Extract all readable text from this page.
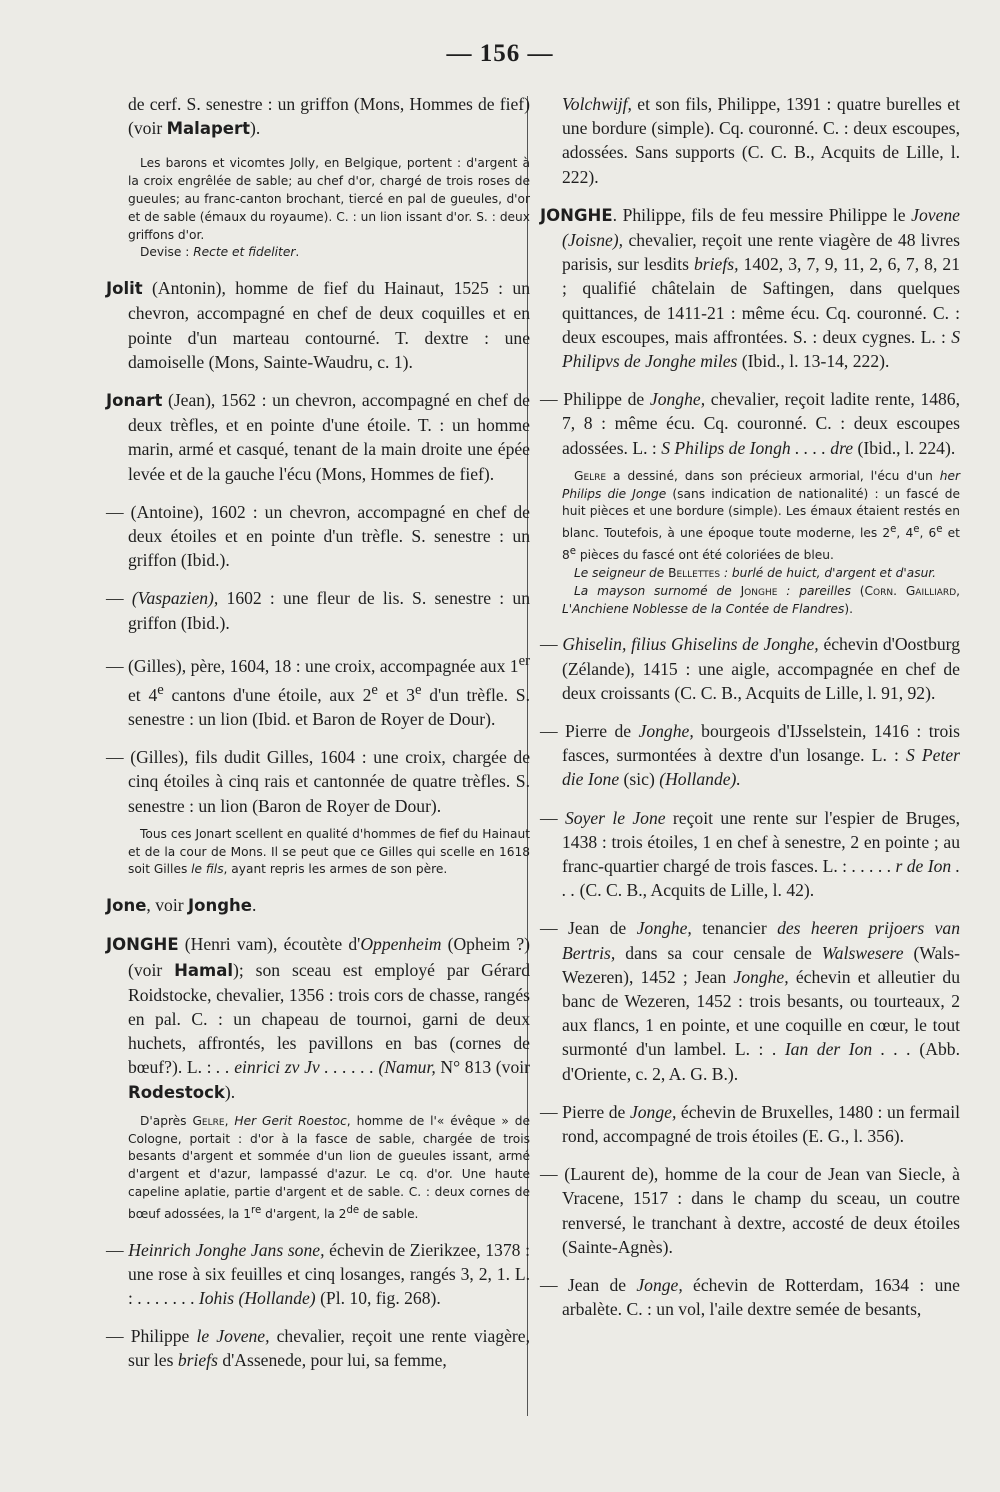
— 156 —

de cerf. S. senestre : un griffon (Mons, Hommes de fief) (voir Malapert).

Les barons et vicomtes Jolly, en Belgique, portent : d'argent à la croix engrêlée de sable; au chef d'or, chargé de trois roses de gueules; au franc-canton brochant, tiercé en pal de gueules, d'or et de sable (émaux du royaume). C. : un lion issant d'or. S. : deux griffons d'or.

Devise : Recte et fideliter.

Jolit (Antonin), homme de fief du Hainaut, 1525 : un chevron, accompagné en chef de deux coquilles et en pointe d'un marteau contourné. T. dextre : une damoiselle (Mons, Sainte-Waudru, c. 1).

Jonart (Jean), 1562 : un chevron, accompagné en chef de deux trèfles, et en pointe d'une étoile. T. : un homme marin, armé et casqué, tenant de la main droite une épée levée et de la gauche l'écu (Mons, Hommes de fief).

— (Antoine), 1602 : un chevron, accompagné en chef de deux étoiles et en pointe d'un trèfle. S. senestre : un griffon (Ibid.).

— (Vaspazien), 1602 : une fleur de lis. S. senestre : un griffon (Ibid.).

— (Gilles), père, 1604, 18 : une croix, accompagnée aux 1er et 4e cantons d'une étoile, aux 2e et 3e d'un trèfle. S. senestre : un lion (Ibid. et Baron de Royer de Dour).

— (Gilles), fils dudit Gilles, 1604 : une croix, chargée de cinq étoiles à cinq rais et cantonnée de quatre trèfles. S. senestre : un lion (Baron de Royer de Dour).

Tous ces Jonart scellent en qualité d'hommes de fief du Hainaut et de la cour de Mons. Il se peut que ce Gilles qui scelle en 1618 soit Gilles le fils, ayant repris les armes de son père.

Jone, voir Jonghe.

JONGHE (Henri vam), écoutète d'Oppenheim (Opheim ?) (voir Hamal); son sceau est employé par Gérard Roidstocke, chevalier, 1356 : trois cors de chasse, rangés en pal. C. : un chapeau de tournoi, garni de deux huchets, affrontés, les pavillons en bas (cornes de bœuf?). L. : . . einrici zv Jv . . . . . . (Namur, N° 813 (voir Rodestock).

D'après Gelre, Her Gerit Roestoc, homme de l'« évêque » de Cologne, portait : d'or à la fasce de sable, chargée de trois besants d'argent et sommée d'un lion de gueules issant, armé d'argent et d'azur, lampassé d'azur. Le cq. d'or. Une haute capeline aplatie, partie d'argent et de sable. C. : deux cornes de bœuf adossées, la 1re d'argent, la 2de de sable.

— Heinrich Jonghe Jans sone, échevin de Zierikzee, 1378 : une rose à six feuilles et cinq losanges, rangés 3, 2, 1. L. : . . . . . . . Iohis (Hollande) (Pl. 10, fig. 268).

— Philippe le Jovene, chevalier, reçoit une rente viagère, sur les briefs d'Assenede, pour lui, sa femme,

Volchwijf, et son fils, Philippe, 1391 : quatre burelles et une bordure (simple). Cq. couronné. C. : deux escoupes, adossées. Sans supports (C. C. B., Acquits de Lille, l. 222).

JONGHE. Philippe, fils de feu messire Philippe le Jovene (Joisne), chevalier, reçoit une rente viagère de 48 livres parisis, sur lesdits briefs, 1402, 3, 7, 9, 11, 2, 6, 7, 8, 21 ; qualifié châtelain de Saftingen, dans quelques quittances, de 1411-21 : même écu. Cq. couronné. C. : deux escoupes, mais affrontées. S. : deux cygnes. L. : S Philipvs de Jonghe miles (Ibid., l. 13-14, 222).

— Philippe de Jonghe, chevalier, reçoit ladite rente, 1486, 7, 8 : même écu. Cq. couronné. C. : deux escoupes adossées. L. : S Philips de Iongh . . . . dre (Ibid., l. 224).

Gelre a dessiné, dans son précieux armorial, l'écu d'un her Philips die Jonge (sans indication de nationalité) : un fascé de huit pièces et une bordure (simple). Les émaux étaient restés en blanc. Toutefois, à une époque toute moderne, les 2e, 4e, 6e et 8e pièces du fascé ont été coloriées de bleu.

Le seigneur de Bellettes : burlé de huict, d'argent et d'asur.

La mayson surnomé de Jonghe : pareilles (Corn. Gailliard, L'Anchiene Noblesse de la Contée de Flandres).

— Ghiselin, filius Ghiselins de Jonghe, échevin d'Oostburg (Zélande), 1415 : une aigle, accompagnée en chef de deux croissants (C. C. B., Acquits de Lille, l. 91, 92).

— Pierre de Jonghe, bourgeois d'IJsselstein, 1416 : trois fasces, surmontées à dextre d'un losange. L. : S Peter die Ione (sic) (Hollande).

— Soyer le Jone reçoit une rente sur l'espier de Bruges, 1438 : trois étoiles, 1 en chef à senestre, 2 en pointe ; au franc-quartier chargé de trois fasces. L. : . . . . . r de Ion . . . (C. C. B., Acquits de Lille, l. 42).

— Jean de Jonghe, tenancier des heeren prijoers van Bertris, dans sa cour censale de Walswesere (Wals-Wezeren), 1452 ; Jean Jonghe, échevin et alleutier du banc de Wezeren, 1452 : trois besants, ou tourteaux, 2 aux flancs, 1 en pointe, et une coquille en cœur, le tout surmonté d'un lambel. L. : . Ian der Ion . . . (Abb. d'Oriente, c. 2, A. G. B.).

— Pierre de Jonge, échevin de Bruxelles, 1480 : un fermail rond, accompagné de trois étoiles (E. G., l. 356).

— (Laurent de), homme de la cour de Jean van Siecle, à Vracene, 1517 : dans le champ du sceau, un coutre renversé, le tranchant à dextre, accosté de deux étoiles (Sainte-Agnès).

— Jean de Jonge, échevin de Rotterdam, 1634 : une arbalète. C. : un vol, l'aile dextre semée de besants,
